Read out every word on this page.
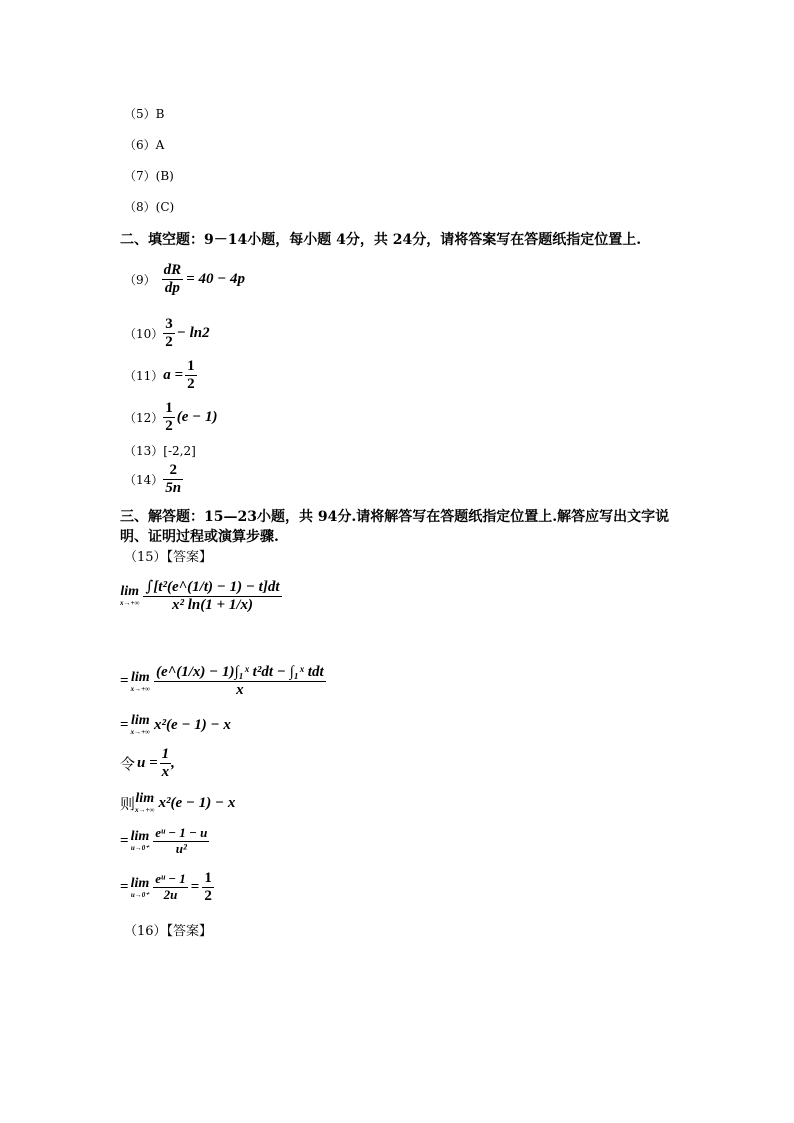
（5）B
（6）A
（7）(B)
（8）(C)
二、填空题：9－14小题，每小题 4分，共 24分，请将答案写在答题纸指定位置上.
$(9) \frac{dR}{dp} = 40 - 4p$
$(10) \frac{3}{2} - \ln 2$
（11） $a = \frac{1}{2}$
$(12) \frac{1}{2} (e - 1)$
（13）[-2,2]
$(14) \frac{2}{5n}$
三、解答题：15—23小题，共 94分.请将解答写在答题纸指定位置上.解答应写出文字说
明、证明过程或演算步骤.
（15）【答案】
lim
$x\to+\infty \frac{\text{∫[t²(e\textasciicircum{}(1/t) − 1) − t]dt}}{\text{x² ln(1 + 1/x)}}$
= lim
$x\to+\infty \frac{\text{(e\textasciicircum{}(1/x) − 1)∫₁ˣ t²dt − ∫₁ˣ tdt}}{x}$
= lim
x→+∞ x²(e − 1) − x
令 $u = \frac{1}{x}$ ,
则 lim
x→+∞ x²(e − 1) − x
= lim
$u\to 0^+ \frac{\text{eᵘ − 1 − u}}{\text{u²}}$
= lim
$u\to 0^+ \frac{\text{eᵘ − 1}}{2u} = \frac{1}{2}$
（16）【答案】
